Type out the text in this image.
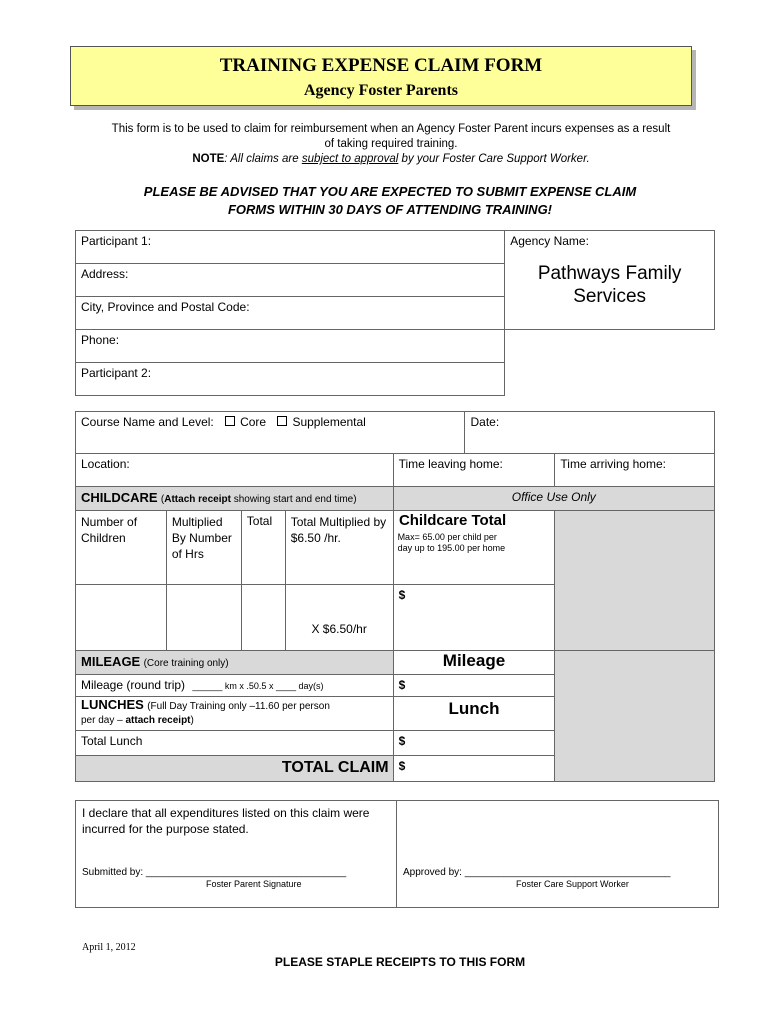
TRAINING EXPENSE CLAIM FORM
Agency Foster Parents
This form is to be used to claim for reimbursement when an Agency Foster Parent incurs expenses as a result
of taking required training.
NOTE: All claims are subject to approval by your Foster Care Support Worker.
PLEASE BE ADVISED THAT YOU ARE EXPECTED TO SUBMIT EXPENSE CLAIM
FORMS WITHIN 30 DAYS OF ATTENDING TRAINING!
Participant 1:	Agency Name:
Pathways Family Services

Address:	
City, Province and Postal Code:	
Phone:	
Participant 2:	
Course Name and Level: Core Supplemental					Date:	
Location:				Time leaving home:		Time arriving home:
CHILDCARE (Attach receipt showing start and end time)				Office Use Only		
Number of Children	Multiplied By Number of Hrs	Total	Total Multiplied by $6.50 /hr.	Childcare Total
Max= 65.00 per child per day up to 195.00 per home		

			X $6.50/hr	$		
MILEAGE (Core training only)				Mileage		
Mileage (round trip) ______ km x .50.5 x ____ day(s)				$		
LUNCHES (Full Day Training only –11.60 per person
per day – attach receipt)				Lunch		
Total Lunch				$		
TOTAL CLAIM				$		
I declare that all expenditures listed on this claim were incurred for the purpose stated.
Submitted by: ____________________________________
Foster Parent Signature
Approved by: _____________________________________
Foster Care Support Worker
April 1, 2012
PLEASE STAPLE RECEIPTS TO THIS FORM
